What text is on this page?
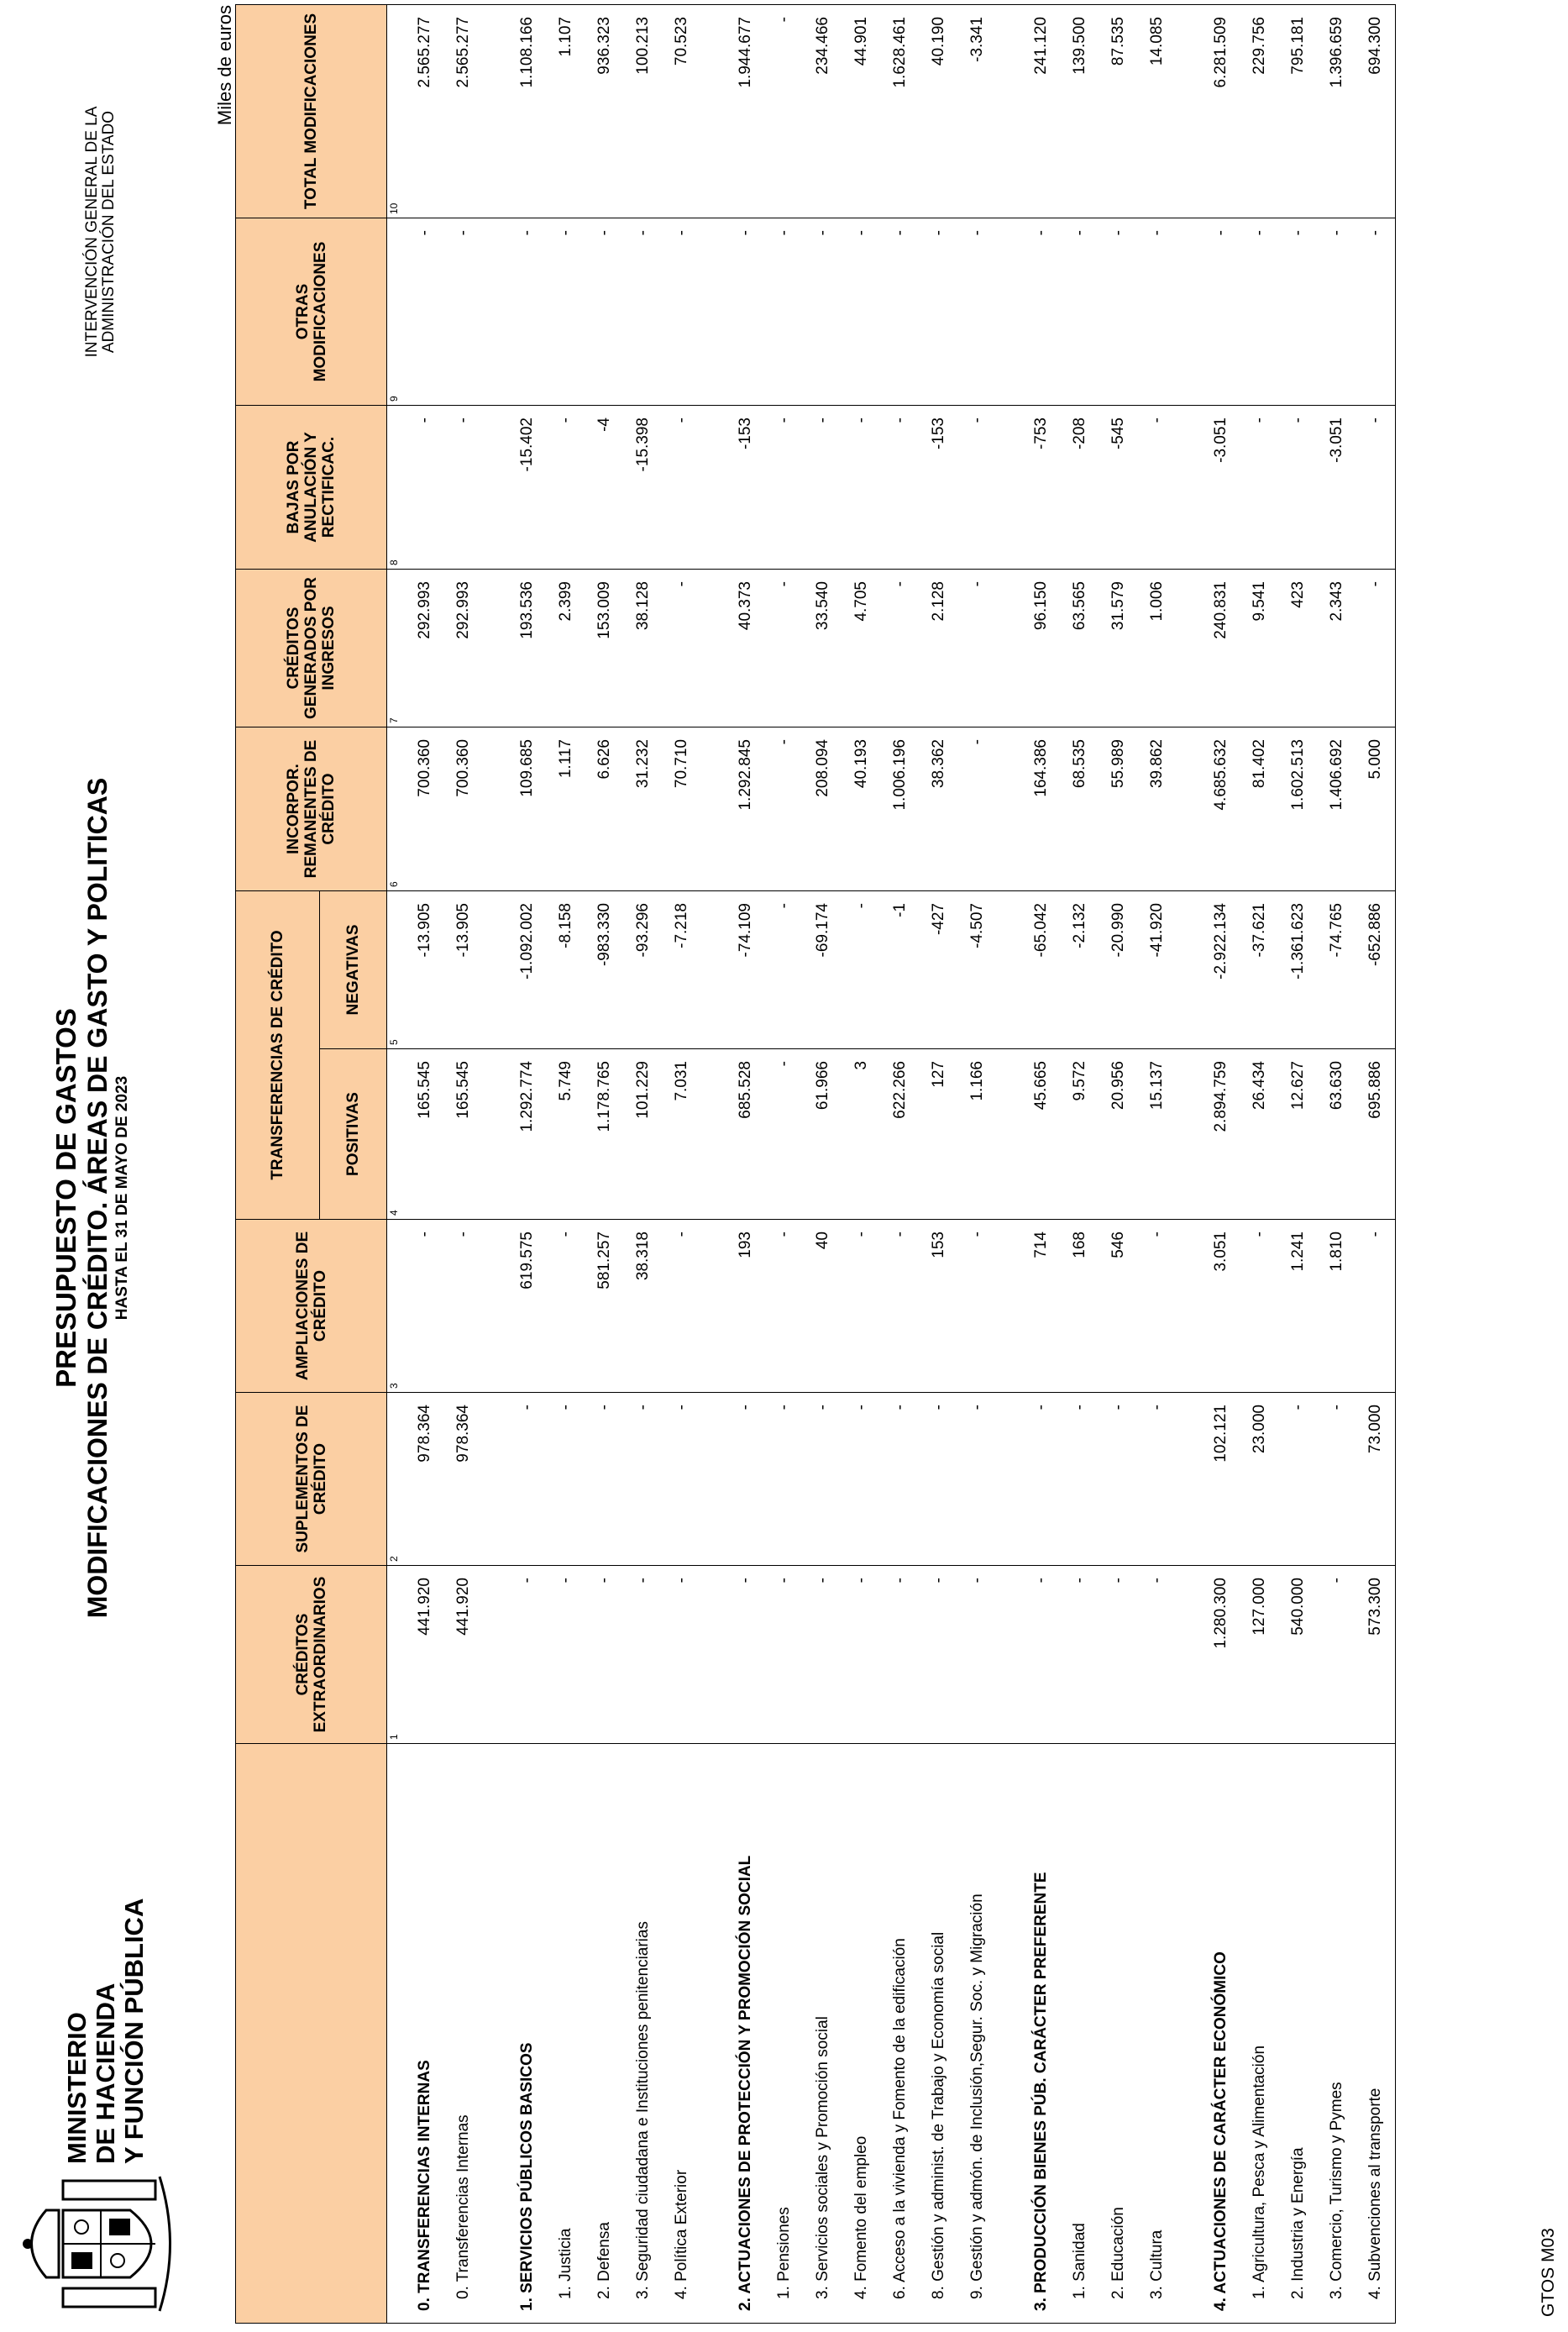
MINISTERIO DE HACIENDA Y FUNCIÓN PÚBLICA
PRESUPUESTO DE GASTOS MODIFICACIONES DE CRÉDITO. ÁREAS DE GASTO Y POLITICAS HASTA EL 31 DE MAYO DE 2023
INTERVENCIÓN GENERAL DE LA ADMINISTRACIÓN DEL ESTADO
Miles de euros
	CRÉDITOS EXTRAORDINARIOS	SUPLEMENTOS DE CRÉDITO	AMPLIACIONES DE CRÉDITO	TRANSFERENCIAS DE CRÉDITO		INCORPOR. REMANENTES DE CRÉDITO	CRÉDITOS GENERADOS POR INGRESOS	BAJAS POR ANULACIÓN Y RECTIFICAC.	OTRAS MODIFICACIONES	TOTAL MODIFICACIONES
				POSITIVAS	NEGATIVAS					
	1	2	3	4	5	6	7	8	9	10
0. TRANSFERENCIAS INTERNAS	441.920	978.364	-	165.545	-13.905	700.360	292.993	-	-	2.565.277
0. Transferencias Internas	441.920	978.364	-	165.545	-13.905	700.360	292.993	-	-	2.565.277

1. SERVICIOS PÚBLICOS BASICOS	-	-	619.575	1.292.774	-1.092.002	109.685	193.536	-15.402	-	1.108.166
1. Justicia	-	-	-	5.749	-8.158	1.117	2.399	-	-	1.107
2. Defensa	-	-	581.257	1.178.765	-983.330	6.626	153.009	-4	-	936.323
3. Seguridad ciudadana e Instituciones penitenciarias	-	-	38.318	101.229	-93.296	31.232	38.128	-15.398	-	100.213
4. Política Exterior	-	-	-	7.031	-7.218	70.710	-	-	-	70.523

2. ACTUACIONES DE PROTECCIÓN Y PROMOCIÓN SOCIAL	-	-	193	685.528	-74.109	1.292.845	40.373	-153	-	1.944.677
1. Pensiones	-	-	-	-	-	-	-	-	-	-
3. Servicios sociales y Promoción social	-	-	40	61.966	-69.174	208.094	33.540	-	-	234.466
4. Fomento del empleo	-	-	-	3	-	40.193	4.705	-	-	44.901
6. Acceso a la vivienda y Fomento de la edificación	-	-	-	622.266	-1	1.006.196	-	-	-	1.628.461
8. Gestión y administ. de Trabajo y Economía social	-	-	153	127	-427	38.362	2.128	-153	-	40.190
9. Gestión y admón. de Inclusión,Segur. Soc. y Migración	-	-	-	1.166	-4.507	-	-	-	-	-3.341

3. PRODUCCIÓN BIENES PÚB. CARÁCTER PREFERENTE	-	-	714	45.665	-65.042	164.386	96.150	-753	-	241.120
1. Sanidad	-	-	168	9.572	-2.132	68.535	63.565	-208	-	139.500
2. Educación	-	-	546	20.956	-20.990	55.989	31.579	-545	-	87.535
3. Cultura	-	-	-	15.137	-41.920	39.862	1.006	-	-	14.085

4. ACTUACIONES DE CARÁCTER ECONÓMICO	1.280.300	102.121	3.051	2.894.759	-2.922.134	4.685.632	240.831	-3.051	-	6.281.509
1. Agricultura, Pesca y Alimentación	127.000	23.000	-	26.434	-37.621	81.402	9.541	-	-	229.756
2. Industria y Energía	540.000	-	1.241	12.627	-1.361.623	1.602.513	423	-	-	795.181
3. Comercio, Turismo y Pymes	-	-	1.810	63.630	-74.765	1.406.692	2.343	-3.051	-	1.396.659
4. Subvenciones al transporte	573.300	73.000	-	695.886	-652.886	5.000	-	-	-	694.300
GTOS M03
